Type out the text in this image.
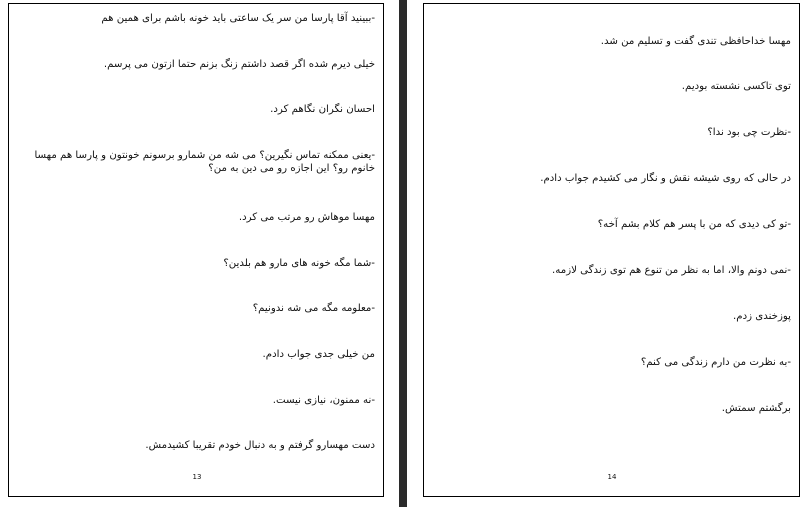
-ببینید آقا پارسا من سر یک ساعتی باید خونه باشم برای همین هم
خیلی دیرم شده اگر قصد داشتم زنگ بزنم حتما ازتون می پرسم.
احسان نگران نگاهم کرد.
-یعنی ممکنه تماس نگیرین؟ می شه من شمارو برسونم خونتون و پارسا هم مهسا خانوم رو؟ این اجازه رو می دین به من؟
مهسا موهاش رو مرتب می کرد.
-شما مگه خونه های مارو هم بلدین؟
-معلومه مگه می شه ندونیم؟
من خیلی جدی جواب دادم.
-نه ممنون، نیازی نیست.
دست مهسارو گرفتم و به دنبال خودم تقریبا کشیدمش.
13
مهسا خداحافظی تندی گفت و تسلیم من شد.
توی تاکسی نشسته بودیم.
-نظرت چی بود ندا؟
در حالی که روی شیشه نقش و نگار می کشیدم جواب دادم.
-تو کی دیدی که من با پسر هم کلام بشم آخه؟
-نمی دونم والا، اما به نظر من تنوع هم توی زندگی لازمه.
پوزخندی زدم.
-به نظرت من دارم زندگی می کنم؟
برگشتم سمتش.
14
